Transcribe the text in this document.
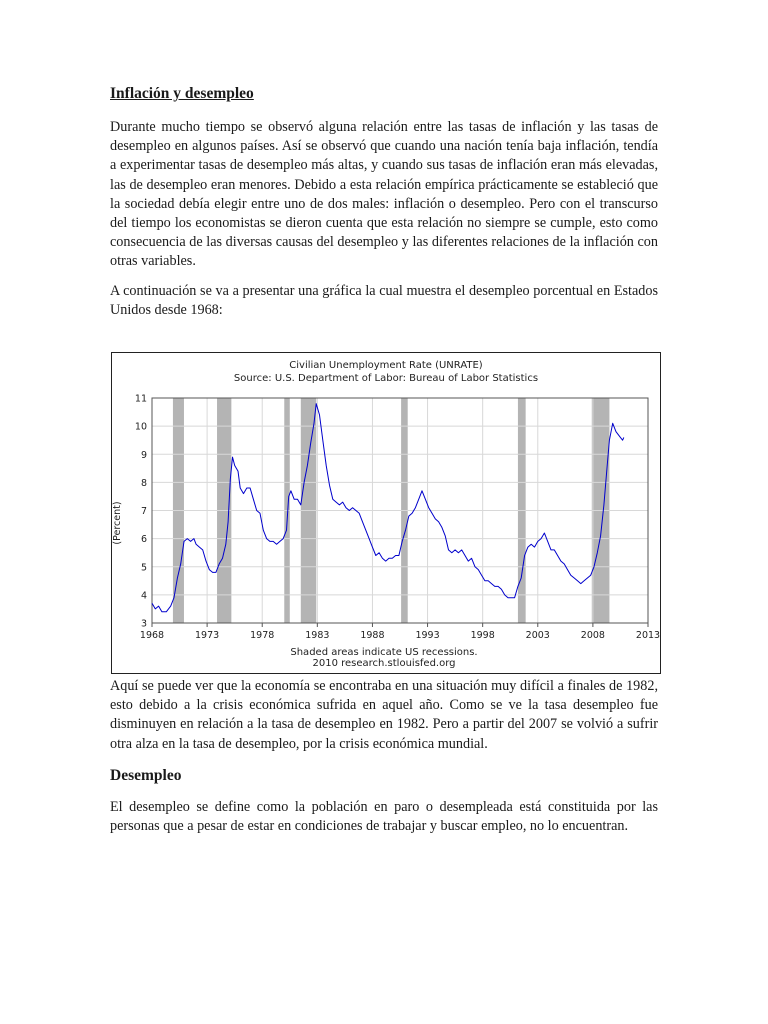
Inflación y desempleo

Durante mucho tiempo se observó alguna relación entre las tasas de inflación y las tasas de desempleo en algunos países. Así se observó que cuando una nación tenía baja inflación, tendía a experimentar tasas de desempleo más altas, y cuando sus tasas de inflación eran más elevadas, las de desempleo eran menores. Debido a esta relación empírica prácticamente se estableció que la sociedad debía elegir entre uno de dos males: inflación o desempleo. Pero con el transcurso del tiempo los economistas se dieron cuenta que esta relación no siempre se cumple, esto como consecuencia de las diversas causas del desempleo y las diferentes relaciones de la inflación con otras variables.

A continuación se va a presentar una gráfica la cual muestra el desempleo porcentual en Estados Unidos desde 1968:

Aquí se puede ver que la economía se encontraba en una situación muy difícil a finales de 1982, esto debido a la crisis económica sufrida en aquel año. Como se ve la tasa desempleo fue disminuyen en relación a la tasa de desempleo en 1982. Pero a partir del 2007 se volvió a sufrir otra alza en la tasa de desempleo, por la crisis económica mundial.

Desempleo

El desempleo se define como la población en paro o desempleada está constituida por las personas que a pesar de estar en condiciones de trabajar y buscar empleo, no lo encuentran.

Civilian Unemployment Rate (UNRATE)
Source: U.S. Department of Labor: Bureau of Labor Statistics
3
4
5
6
7
8
9
10
11
1968	1973	1978	1983	1988	1993	1998	2003	2008	2013
(Percent)
Shaded areas indicate US recessions.
2010 research.stlouisfed.org
